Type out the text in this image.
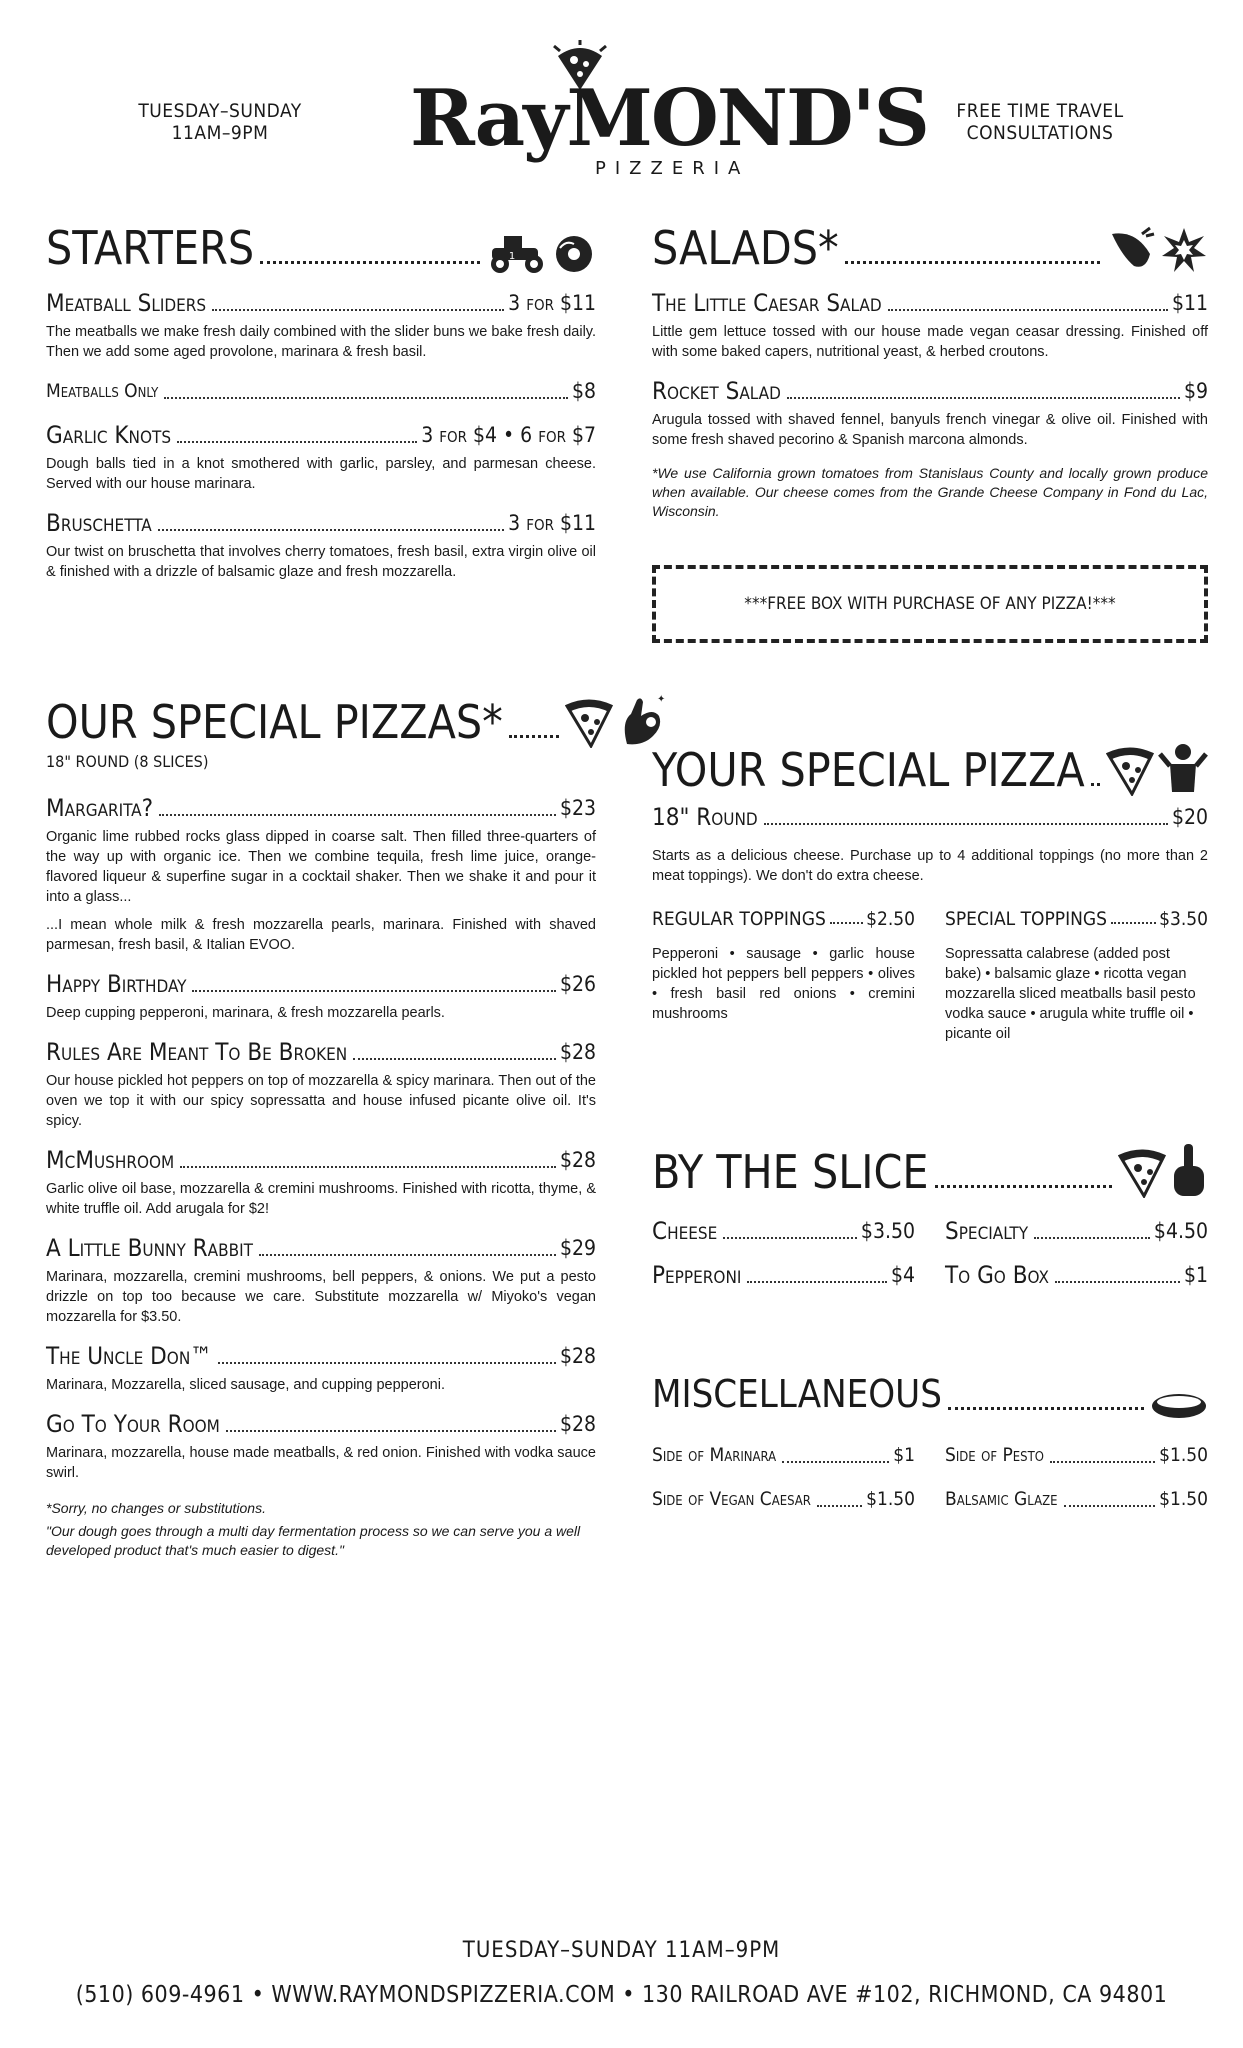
TUESDAY–SUNDAY
11AM–9PM	RayMOND'S
PIZZERIA
FREE TIME TRAVEL
CONSULTATIONS
STARTERS	1
Meatball Sliders	3 for $11
The meatballs we make fresh daily combined with the slider buns we bake fresh daily. Then we add some aged provolone, marinara & fresh basil.
Meatballs Only	$8
Garlic Knots	3 for $4 • 6 for $7
Dough balls tied in a knot smothered with garlic, parsley, and parmesan cheese. Served with our house marinara.
Bruschetta	3 for $11
Our twist on bruschetta that involves cherry tomatoes, fresh basil, extra virgin olive oil & finished with a drizzle of balsamic glaze and fresh mozzarella.
OUR SPECIAL PIZZAS*	✦
18" ROUND (8 SLICES)
Margarita?	$23
Organic lime rubbed rocks glass dipped in coarse salt. Then filled three-quarters of the way up with organic ice. Then we combine tequila, fresh lime juice, orange-flavored liqueur & superfine sugar in a cocktail shaker. Then we shake it and pour it into a glass...
...I mean whole milk & fresh mozzarella pearls, marinara. Finished with shaved parmesan, fresh basil, & Italian EVOO.
Happy Birthday	$26
Deep cupping pepperoni, marinara, & fresh mozzarella pearls.
Rules Are Meant To Be Broken	$28
Our house pickled hot peppers on top of mozzarella & spicy marinara. Then out of the oven we top it with our spicy sopressatta and house infused picante olive oil. It's spicy.
McMushroom	$28
Garlic olive oil base, mozzarella & cremini mushrooms. Finished with ricotta, thyme, & white truffle oil. Add arugala for $2!
A Little Bunny Rabbit	$29
Marinara, mozzarella, cremini mushrooms, bell peppers, & onions. We put a pesto drizzle on top too because we care. Substitute mozzarella w/ Miyoko's vegan mozzarella for $3.50.
The Uncle Don™	$28
Marinara, Mozzarella, sliced sausage, and cupping pepperoni.
Go To Your Room	$28
Marinara, mozzarella, house made meatballs, & red onion. Finished with vodka sauce swirl.
*Sorry, no changes or substitutions.
"Our dough goes through a multi day fermentation process so we can serve you a well developed product that's much easier to digest."
SALADS*
The Little Caesar Salad	$11
Little gem lettuce tossed with our house made vegan ceasar dressing. Finished off with some baked capers, nutritional yeast, & herbed croutons.
Rocket Salad	$9
Arugula tossed with shaved fennel, banyuls french vinegar & olive oil. Finished with some fresh shaved pecorino & Spanish marcona almonds.
*We use California grown tomatoes from Stanislaus County and locally grown produce when available. Our cheese comes from the Grande Cheese Company in Fond du Lac, Wisconsin.
***FREE BOX WITH PURCHASE OF ANY PIZZA!***
YOUR SPECIAL PIZZA
18" Round	$20
Starts as a delicious cheese. Purchase up to 4 additional toppings (no more than 2 meat toppings). We don't do extra cheese.
REGULAR TOPPINGS $2.50
Pepperoni • sausage • garlic house pickled hot peppers bell peppers • olives • fresh basil red onions • cremini mushrooms
SPECIAL TOPPINGS	$3.50
Sopressatta calabrese (added post bake) • balsamic glaze • ricotta vegan mozzarella sliced meatballs basil pesto vodka sauce • arugula white truffle oil • picante oil
BY THE SLICE
Cheese	$3.50
Pepperoni	$4
Specialty	$4.50
To Go Box	$1
MISCELLANEOUS
Side of Marinara	$1
Side of Vegan Caesar	$1.50
Side of Pesto	$1.50
Balsamic Glaze	$1.50
TUESDAY–SUNDAY 11AM–9PM
(510) 609-4961 • WWW.RAYMONDSPIZZERIA.COM • 130 RAILROAD AVE #102, RICHMOND, CA 94801
